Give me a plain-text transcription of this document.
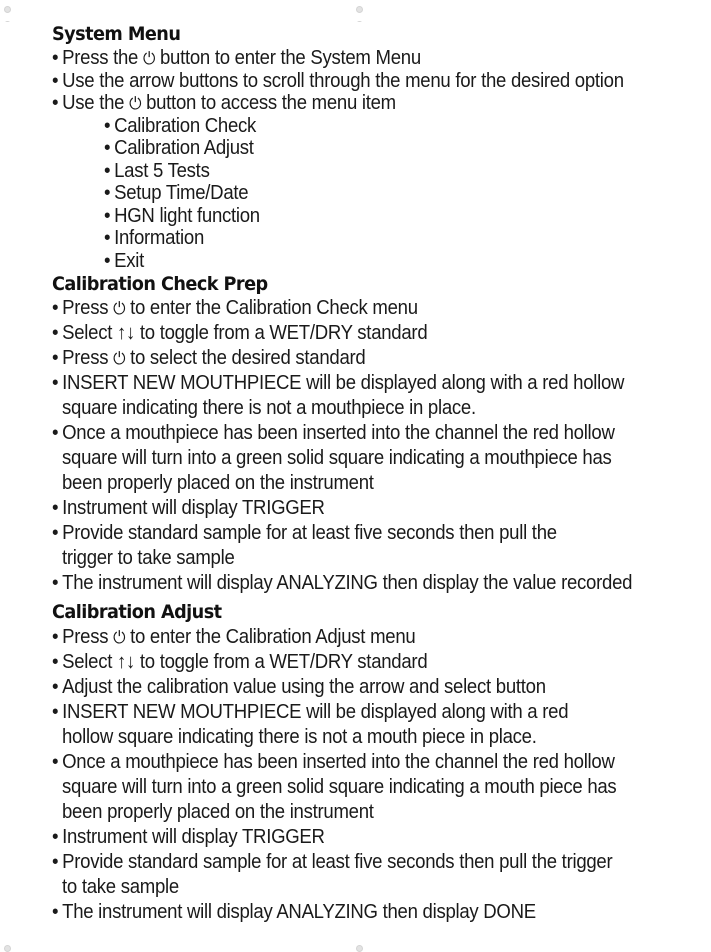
System Menu
• Press the ⏻ button to enter the System Menu
• Use the arrow buttons to scroll through the menu for the desired option
• Use the ⏻ button to access the menu item
• Calibration Check
• Calibration Adjust
• Last 5 Tests
• Setup Time/Date
• HGN light function
• Information
• Exit
Calibration Check Prep
• Press ⏻ to enter the Calibration Check menu
• Select ↑↓ to toggle from a WET/DRY standard
• Press ⏻ to select the desired standard
• INSERT NEW MOUTHPIECE will be displayed along with a red hollow
square indicating there is not a mouthpiece in place.
• Once a mouthpiece has been inserted into the channel the red hollow
square will turn into a green solid square indicating a mouthpiece has
been properly placed on the instrument
• Instrument will display TRIGGER
• Provide standard sample for at least five seconds then pull the
trigger to take sample
• The instrument will display ANALYZING then display the value recorded
Calibration Adjust
• Press ⏻ to enter the Calibration Adjust menu
• Select ↑↓ to toggle from a WET/DRY standard
• Adjust the calibration value using the arrow and select button
• INSERT NEW MOUTHPIECE will be displayed along with a red
hollow square indicating there is not a mouth piece in place.
• Once a mouthpiece has been inserted into the channel the red hollow
square will turn into a green solid square indicating a mouth piece has
been properly placed on the instrument
• Instrument will display TRIGGER
• Provide standard sample for at least five seconds then pull the trigger
to take sample
• The instrument will display ANALYZING then display DONE
